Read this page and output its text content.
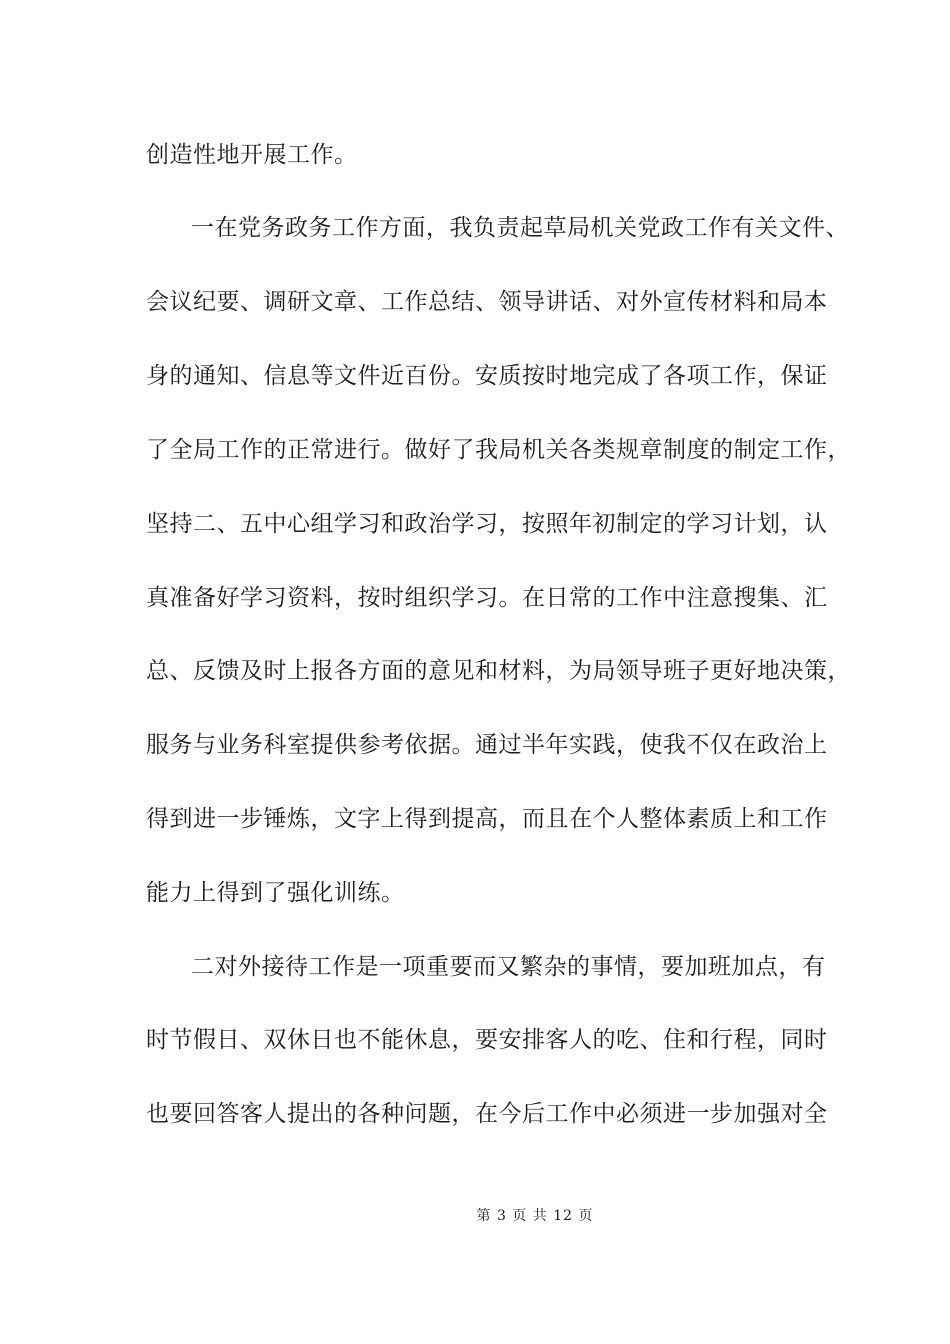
创造性地开展工作。
一在党务政务工作方面，我负责起草局机关党政工作有关文件、
会议纪要、调研文章、工作总结、领导讲话、对外宣传材料和局本
身的通知、信息等文件近百份。安质按时地完成了各项工作，保证
了全局工作的正常进行。做好了我局机关各类规章制度的制定工作，
坚持二、五中心组学习和政治学习，按照年初制定的学习计划，认
真准备好学习资料，按时组织学习。在日常的工作中注意搜集、汇
总、反馈及时上报各方面的意见和材料，为局领导班子更好地决策，
服务与业务科室提供参考依据。通过半年实践，使我不仅在政治上
得到进一步锤炼，文字上得到提高，而且在个人整体素质上和工作
能力上得到了强化训练。
二对外接待工作是一项重要而又繁杂的事情，要加班加点，有
时节假日、双休日也不能休息，要安排客人的吃、住和行程，同时
也要回答客人提出的各种问题，在今后工作中必须进一步加强对全
第 3 页 共 12 页
